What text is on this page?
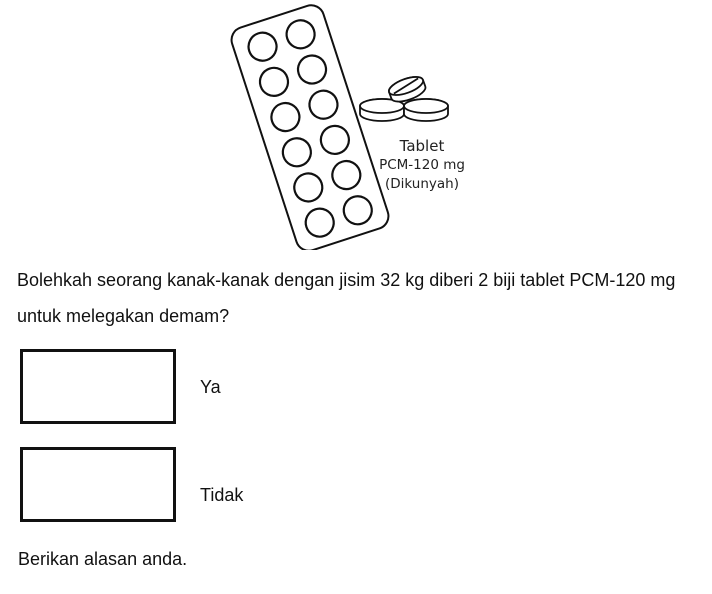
Tablet
PCM-120 mg
(Dikunyah)

Bolehkah seorang kanak-kanak dengan jisim 32 kg diberi 2 biji tablet PCM-120 mg untuk melegakan demam?

Ya
Tidak
Berikan alasan anda.
